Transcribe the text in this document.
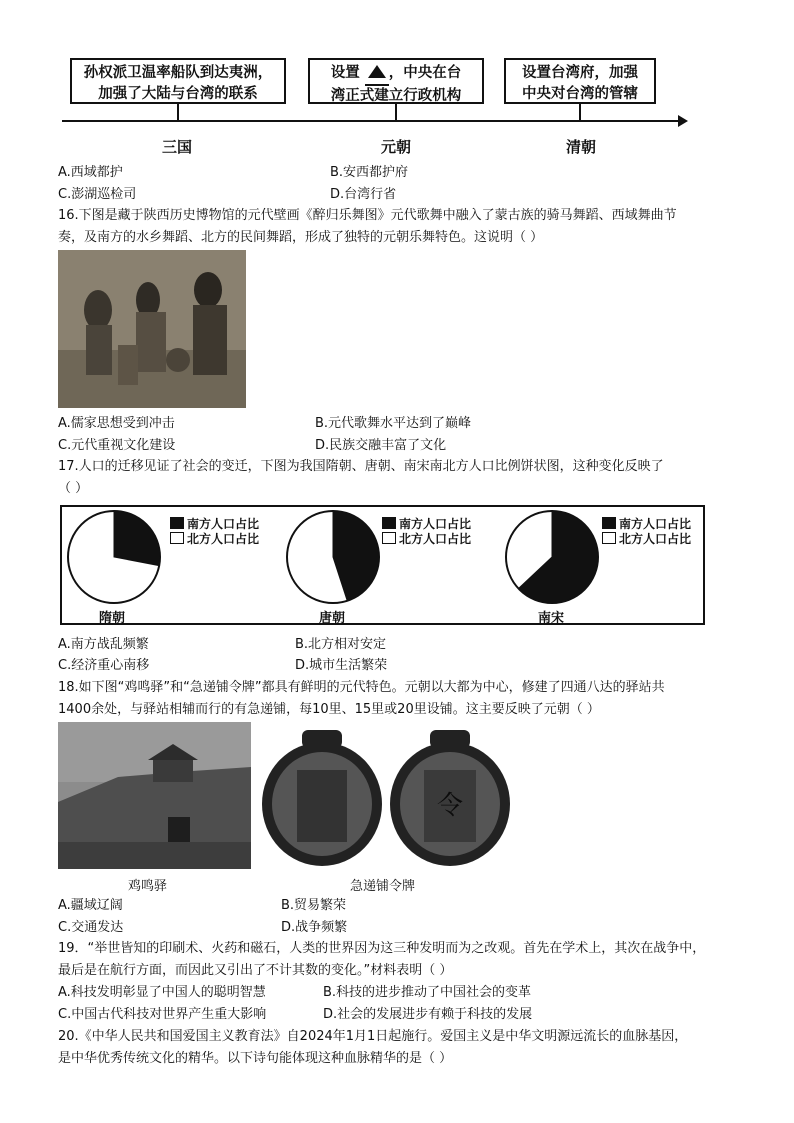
孙权派卫温率船队到达夷洲，
加强了大陆与台湾的联系
设置 ，中央在台
湾正式建立行政机构
设置台湾府，加强
中央对台湾的管辖
三国	元朝	清朝
A.西域都护	B.安西都护府
C.澎湖巡检司	D.台湾行省
16.下图是藏于陕西历史博物馆的元代壁画《醉归乐舞图》元代歌舞中融入了蒙古族的骑马舞蹈、西域舞曲节
奏，及南方的水乡舞蹈、北方的民间舞蹈，形成了独特的元朝乐舞特色。这说明（ ）
A.儒家思想受到冲击	B.元代歌舞水平达到了巅峰
C.元代重视文化建设	D.民族交融丰富了文化
17.人口的迁移见证了社会的变迁，下图为我国隋朝、唐朝、南宋南北方人口比例饼状图，这种变化反映了
（ ）
南方人口占比
北方人口占比
南方人口占比
北方人口占比
南方人口占比
北方人口占比
隋朝	唐朝	南宋
A.南方战乱频繁	B.北方相对安定
C.经济重心南移	D.城市生活繁荣
18.如下图“鸡鸣驿”和“急递铺令牌”都具有鲜明的元代特色。元朝以大都为中心，修建了四通八达的驿站共
1400余处，与驿站相辅而行的有急递铺，每10里、15里或20里设铺。这主要反映了元朝（ ）
令
鸡鸣驿	急递铺令牌
A.疆域辽阔	B.贸易繁荣
C.交通发达	D.战争频繁
19．“举世皆知的印刷术、火药和磁石，人类的世界因为这三种发明而为之改观。首先在学术上，其次在战争中，
最后是在航行方面，而因此又引出了不计其数的变化。”材料表明（ ）
A.科技发明彰显了中国人的聪明智慧	B.科技的进步推动了中国社会的变革
C.中国古代科技对世界产生重大影响	D.社会的发展进步有赖于科技的发展
20.《中华人民共和国爱国主义教育法》自2024年1月1日起施行。爱国主义是中华文明源远流长的血脉基因，
是中华优秀传统文化的精华。以下诗句能体现这种血脉精华的是（ ）
